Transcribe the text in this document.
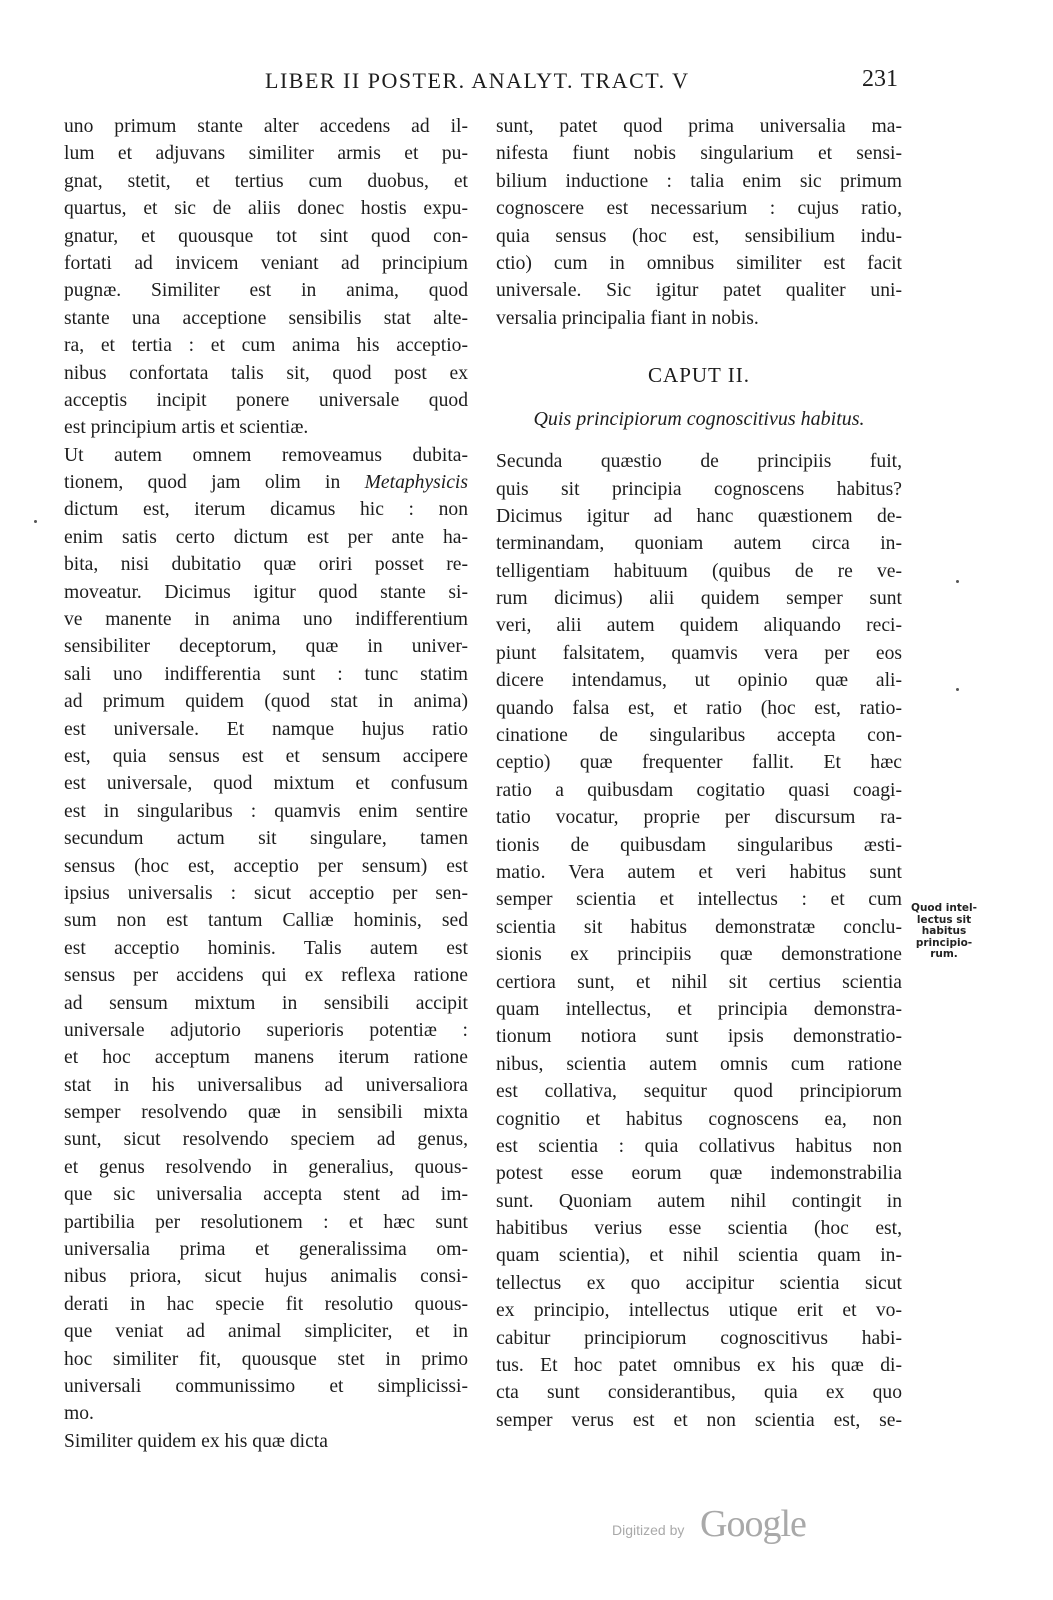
LIBER II POSTER. ANALYT. TRACT. V	231
uno primum stante alter accedens ad il-
lum et adjuvans similiter armis et pu-
gnat, stetit, et tertius cum duobus, et
quartus, et sic de aliis donec hostis expu-
gnatur, et quousque tot sint quod con-
fortati ad invicem veniant ad principium
pugnæ. Similiter est in anima, quod
stante una acceptione sensibilis stat alte-
ra, et tertia : et cum anima his acceptio-
nibus confortata talis sit, quod post ex
acceptis incipit ponere universale quod
est principium artis et scientiæ.
Ut autem omnem removeamus dubita-
tionem, quod jam olim in Metaphysicis
dictum est, iterum dicamus hic : non
enim satis certo dictum est per ante ha-
bita, nisi dubitatio quæ oriri posset re-
moveatur. Dicimus igitur quod stante si-
ve manente in anima uno indifferentium
sensibiliter deceptorum, quæ in univer-
sali uno indifferentia sunt : tunc statim
ad primum quidem (quod stat in anima)
est universale. Et namque hujus ratio
est, quia sensus est et sensum accipere
est universale, quod mixtum et confusum
est in singularibus : quamvis enim sentire
secundum actum sit singulare, tamen
sensus (hoc est, acceptio per sensum) est
ipsius universalis : sicut acceptio per sen-
sum non est tantum Calliæ hominis, sed
est acceptio hominis. Talis autem est
sensus per accidens qui ex reflexa ratione
ad sensum mixtum in sensibili accipit
universale adjutorio superioris potentiæ :
et hoc acceptum manens iterum ratione
stat in his universalibus ad universaliora
semper resolvendo quæ in sensibili mixta
sunt, sicut resolvendo speciem ad genus,
et genus resolvendo in generalius, quous-
que sic universalia accepta stent ad im-
partibilia per resolutionem : et hæc sunt
universalia prima et generalissima om-
nibus priora, sicut hujus animalis consi-
derati in hac specie fit resolutio quous-
que veniat ad animal simpliciter, et in
hoc similiter fit, quousque stet in primo
universali communissimo et simplicissi-
mo.
Similiter quidem ex his quæ dicta
sunt, patet quod prima universalia ma-
nifesta fiunt nobis singularium et sensi-
bilium inductione : talia enim sic primum
cognoscere est necessarium : cujus ratio,
quia sensus (hoc est, sensibilium indu-
ctio) cum in omnibus similiter est facit
universale. Sic igitur patet qualiter uni-
versalia principalia fiant in nobis.
CAPUT II.
Quis principiorum cognoscitivus habitus.
Secunda quæstio de principiis fuit,
quis sit principia cognoscens habitus?
Dicimus igitur ad hanc quæstionem de-
terminandam, quoniam autem circa in-
telligentiam habituum (quibus de re ve-
rum dicimus) alii quidem semper sunt
veri, alii autem quidem aliquando reci-
piunt falsitatem, quamvis vera per eos
dicere intendamus, ut opinio quæ ali-
quando falsa est, et ratio (hoc est, ratio-
cinatione de singularibus accepta con-
ceptio) quæ frequenter fallit. Et hæc
ratio a quibusdam cogitatio quasi coagi-
tatio vocatur, proprie per discursum ra-
tionis de quibusdam singularibus æsti-
matio. Vera autem et veri habitus sunt
semper scientia et intellectus : et cum
scientia sit habitus demonstratæ conclu-
sionis ex principiis quæ demonstratione
certiora sunt, et nihil sit certius scientia
quam intellectus, et principia demonstra-
tionum notiora sunt ipsis demonstratio-
nibus, scientia autem omnis cum ratione
est collativa, sequitur quod principiorum
cognitio et habitus cognoscens ea, non
est scientia : quia collativus habitus non
potest esse eorum quæ indemonstrabilia
sunt. Quoniam autem nihil contingit in
habitibus verius esse scientia (hoc est,
quam scientia), et nihil scientia quam in-
tellectus ex quo accipitur scientia sicut
ex principio, intellectus utique erit et vo-
cabitur principiorum cognoscitivus habi-
tus. Et hoc patet omnibus ex his quæ di-
cta sunt considerantibus, quia ex quo
semper verus est et non scientia est, se-
Quod intel-
lectus sit
habitus
principio-
rum.
Digitized by Google
